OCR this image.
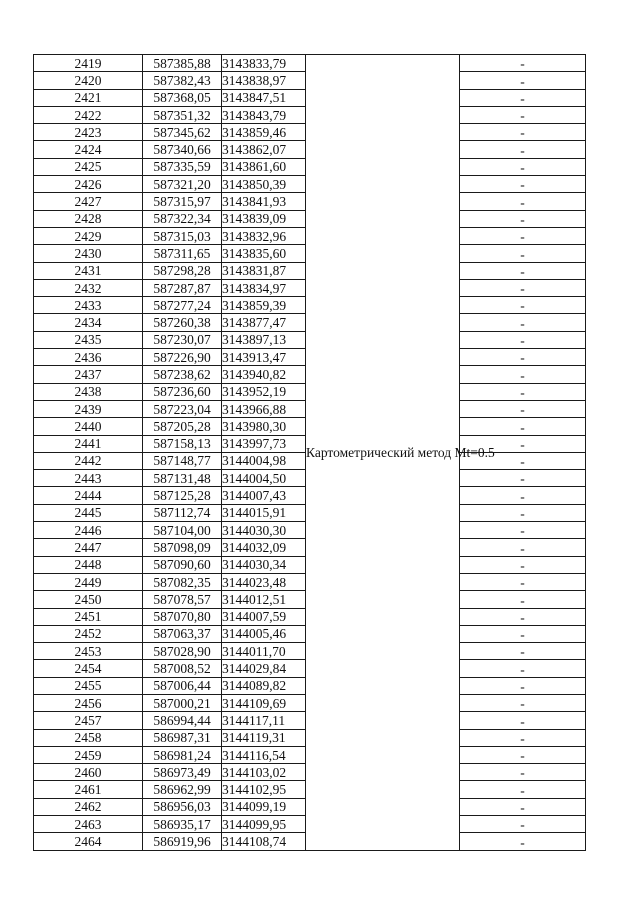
2419	587385,88	3143833,79	Картометрический метод Mt=0.5	-
2420	587382,43	3143838,97		-
2421	587368,05	3143847,51		-
2422	587351,32	3143843,79		-
2423	587345,62	3143859,46		-
2424	587340,66	3143862,07		-
2425	587335,59	3143861,60		-
2426	587321,20	3143850,39		-
2427	587315,97	3143841,93		-
2428	587322,34	3143839,09		-
2429	587315,03	3143832,96		-
2430	587311,65	3143835,60		-
2431	587298,28	3143831,87		-
2432	587287,87	3143834,97		-
2433	587277,24	3143859,39		-
2434	587260,38	3143877,47		-
2435	587230,07	3143897,13		-
2436	587226,90	3143913,47		-
2437	587238,62	3143940,82		-
2438	587236,60	3143952,19		-
2439	587223,04	3143966,88		-
2440	587205,28	3143980,30		-
2441	587158,13	3143997,73		-
2442	587148,77	3144004,98		-
2443	587131,48	3144004,50		-
2444	587125,28	3144007,43		-
2445	587112,74	3144015,91		-
2446	587104,00	3144030,30		-
2447	587098,09	3144032,09		-
2448	587090,60	3144030,34		-
2449	587082,35	3144023,48		-
2450	587078,57	3144012,51		-
2451	587070,80	3144007,59		-
2452	587063,37	3144005,46		-
2453	587028,90	3144011,70		-
2454	587008,52	3144029,84		-
2455	587006,44	3144089,82		-
2456	587000,21	3144109,69		-
2457	586994,44	3144117,11		-
2458	586987,31	3144119,31		-
2459	586981,24	3144116,54		-
2460	586973,49	3144103,02		-
2461	586962,99	3144102,95		-
2462	586956,03	3144099,19		-
2463	586935,17	3144099,95		-
2464	586919,96	3144108,74		-
